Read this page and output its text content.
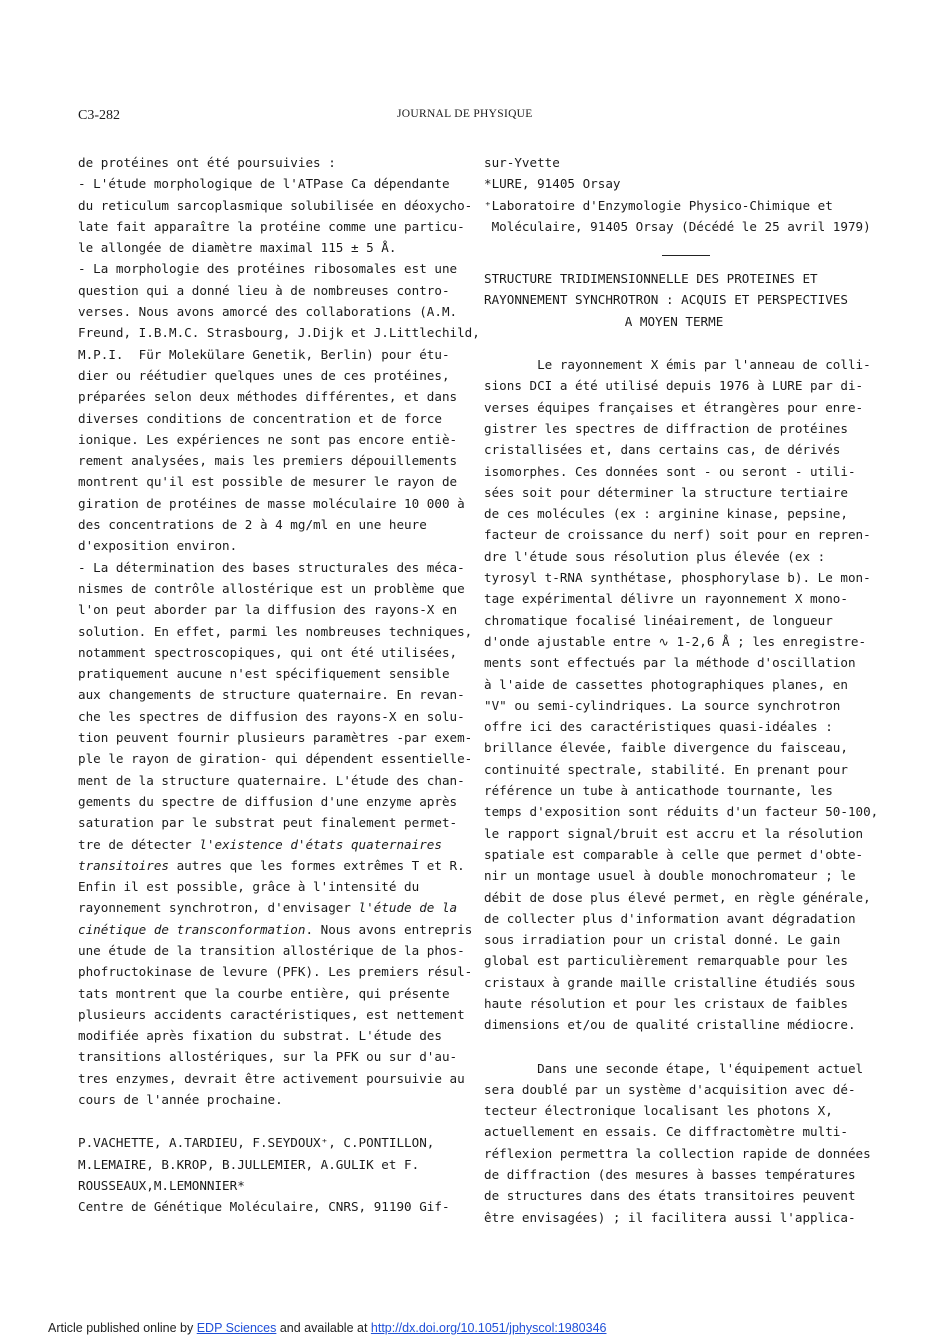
C3-282	JOURNAL DE PHYSIQUE
de protéines ont été poursuivies :
- L'étude morphologique de l'ATPase Ca dépendante
du reticulum sarcoplasmique solubilisée en déoxycho-
late fait apparaître la protéine comme une particu-
le allongée de diamètre maximal 115 ± 5 Å.
- La morphologie des protéines ribosomales est une
question qui a donné lieu à de nombreuses contro-
verses. Nous avons amorcé des collaborations (A.M.
Freund, I.B.M.C. Strasbourg, J.Dijk et J.Littlechild,
M.P.I.  Für Molekülare Genetik, Berlin) pour étu-
dier ou réétudier quelques unes de ces protéines,
préparées selon deux méthodes différentes, et dans
diverses conditions de concentration et de force
ionique. Les expériences ne sont pas encore entiè-
rement analysées, mais les premiers dépouillements
montrent qu'il est possible de mesurer le rayon de
giration de protéines de masse moléculaire 10 000 à
des concentrations de 2 à 4 mg/ml en une heure
d'exposition environ.
- La détermination des bases structurales des méca-
nismes de contrôle allostérique est un problème que
l'on peut aborder par la diffusion des rayons-X en
solution. En effet, parmi les nombreuses techniques,
notamment spectroscopiques, qui ont été utilisées,
pratiquement aucune n'est spécifiquement sensible
aux changements de structure quaternaire. En revan-
che les spectres de diffusion des rayons-X en solu-
tion peuvent fournir plusieurs paramètres -par exem-
ple le rayon de giration- qui dépendent essentielle-
ment de la structure quaternaire. L'étude des chan-
gements du spectre de diffusion d'une enzyme après
saturation par le substrat peut finalement permet-
tre de détecter l'existence d'états quaternaires
transitoires autres que les formes extrêmes T et R.
Enfin il est possible, grâce à l'intensité du
rayonnement synchrotron, d'envisager l'étude de la
cinétique de transconformation. Nous avons entrepris
une étude de la transition allostérique de la phos-
phofructokinase de levure (PFK). Les premiers résul-
tats montrent que la courbe entière, qui présente
plusieurs accidents caractéristiques, est nettement
modifiée après fixation du substrat. L'étude des
transitions allostériques, sur la PFK ou sur d'au-
tres enzymes, devrait être activement poursuivie au
cours de l'année prochaine.
P.VACHETTE, A.TARDIEU, F.SEYDOUX⁺, C.PONTILLON,
M.LEMAIRE, B.KROP, B.JULLEMIER, A.GULIK et F.
ROUSSEAUX,M.LEMONNIER*
Centre de Génétique Moléculaire, CNRS, 91190 Gif-
sur-Yvette
*LURE, 91405 Orsay
⁺Laboratoire d'Enzymologie Physico-Chimique et
Moléculaire, 91405 Orsay (Décédé le 25 avril 1979)
STRUCTURE TRIDIMENSIONNELLE DES PROTEINES ET
RAYONNEMENT SYNCHROTRON : ACQUIS ET PERSPECTIVES
A MOYEN TERME
Le rayonnement X émis par l'anneau de colli-
sions DCI a été utilisé depuis 1976 à LURE par di-
verses équipes françaises et étrangères pour enre-
gistrer les spectres de diffraction de protéines
cristallisées et, dans certains cas, de dérivés
isomorphes. Ces données sont - ou seront - utili-
sées soit pour déterminer la structure tertiaire
de ces molécules (ex : arginine kinase, pepsine,
facteur de croissance du nerf) soit pour en repren-
dre l'étude sous résolution plus élevée (ex :
tyrosyl t-RNA synthétase, phosphorylase b). Le mon-
tage expérimental délivre un rayonnement X mono-
chromatique focalisé linéairement, de longueur
d'onde ajustable entre ∿ 1-2,6 Å ; les enregistre-
ments sont effectués par la méthode d'oscillation
à l'aide de cassettes photographiques planes, en
"V" ou semi-cylindriques. La source synchrotron
offre ici des caractéristiques quasi-idéales :
brillance élevée, faible divergence du faisceau,
continuité spectrale, stabilité. En prenant pour
référence un tube à anticathode tournante, les
temps d'exposition sont réduits d'un facteur 50-100,
le rapport signal/bruit est accru et la résolution
spatiale est comparable à celle que permet d'obte-
nir un montage usuel à double monochromateur ; le
débit de dose plus élevé permet, en règle générale,
de collecter plus d'information avant dégradation
sous irradiation pour un cristal donné. Le gain
global est particulièrement remarquable pour les
cristaux à grande maille cristalline étudiés sous
haute résolution et pour les cristaux de faibles
dimensions et/ou de qualité cristalline médiocre.
Dans une seconde étape, l'équipement actuel
sera doublé par un système d'acquisition avec dé-
tecteur électronique localisant les photons X,
actuellement en essais. Ce diffractomètre multi-
réflexion permettra la collection rapide de données
de diffraction (des mesures à basses températures
de structures dans des états transitoires peuvent
être envisagées) ; il facilitera aussi l'applica-
Article published online by EDP Sciences and available at http://dx.doi.org/10.1051/jphyscol:1980346
